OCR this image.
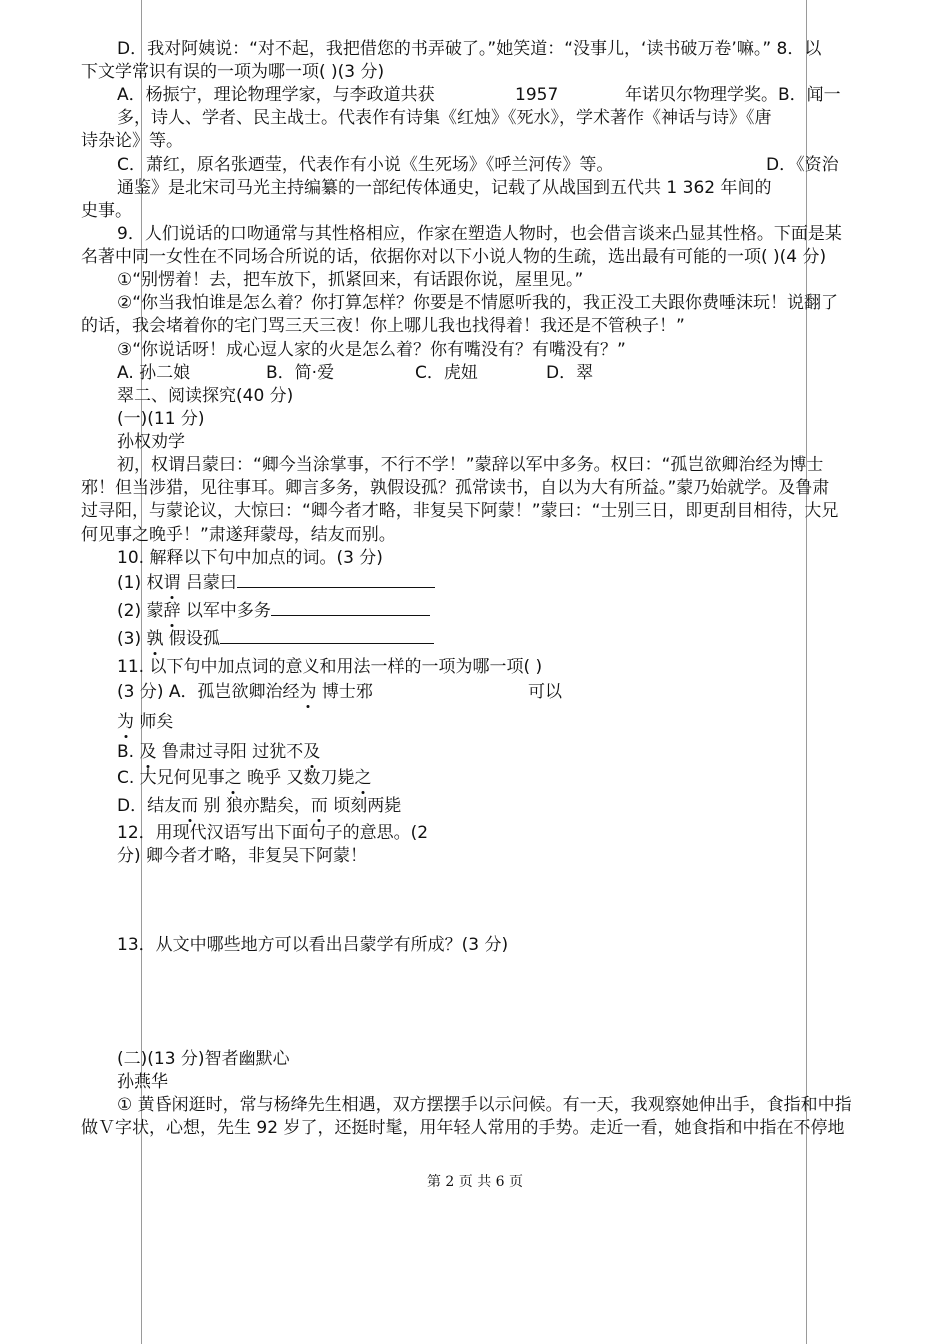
D．我对阿姨说：“对不起，我把借您的书弄破了。”她笑道：“没事儿，‘读书破万卷’嘛。” 8．以
下文学常识有误的一项为哪一项( )(3 分)
A．杨振宁，理论物理学家，与李政道共获	1957	年诺贝尔物理学奖。B．闻一
多，诗人、学者、民主战士。代表作有诗集《红烛》《死水》，学术著作《神话与诗》《唐
诗杂论》等。
C．萧红，原名张迺莹，代表作有小说《生死场》《呼兰河传》等。	D．《资治
通鉴》是北宋司马光主持编纂的一部纪传体通史，记载了从战国到五代共 1 362 年间的
史事。
9．人们说话的口吻通常与其性格相应，作家在塑造人物时，也会借言谈来凸显其性格。下面是某
名著中同一女性在不同场合所说的话，依据你对以下小说人物的生疏，选出最有可能的一项( )(4 分)
①“别愣着！去，把车放下，抓紧回来，有话跟你说，屋里见。”
②“你当我怕谁是怎么着？你打算怎样？你要是不情愿听我的，我正没工夫跟你费唾沫玩！说翻了
的话，我会堵着你的宅门骂三天三夜！你上哪儿我也找得着！我还是不管秧子！”
③“你说话呀！成心逗人家的火是怎么着？你有嘴没有？有嘴没有？”
A. 孙二娘	B．简·爱	C．虎妞	D．翠
翠二、阅读探究(40 分)
(一)(11 分)
孙权劝学
初，权谓吕蒙曰：“卿今当涂掌事，不行不学！”蒙辞以军中多务。权曰：“孤岂欲卿治经为博士
邪！但当涉猎，见往事耳。卿言多务，孰假设孤？孤常读书，自以为大有所益。”蒙乃始就学。及鲁肃
过寻阳，与蒙论议，大惊曰：“卿今者才略，非复吴下阿蒙！”蒙曰：“士别三日，即更刮目相待，大兄
何见事之晚乎！”肃遂拜蒙母，结友而别。
10. 解释以下句中加点的词。(3 分)
(1) 权谓 吕蒙曰
(2) 蒙辞 以军中多务
(3) 孰 假设孤
11. 以下句中加点词的意义和用法一样的一项为哪一项( )
(3 分) A．孤岂欲卿治经为 博士邪	可以
为 师矣
B. 及 鲁肃过寻阳 过犹不及
C. 大兄何见事之 晚乎 又数刀毙之
D．结友而 别 狼亦黠矣，而 顷刻两毙
12．用现代汉语写出下面句子的意思。(2
分) 卿今者才略，非复吴下阿蒙！
13．从文中哪些地方可以看出吕蒙学有所成？(3 分)
(二)(13 分)智者幽默心
孙燕华
① 黄昏闲逛时，常与杨绛先生相遇，双方摆摆手以示问候。有一天，我观察她伸出手，食指和中指
做Ｖ字状，心想，先生 92 岁了，还挺时髦，用年轻人常用的手势。走近一看，她食指和中指在不停地
第 2 页 共 6 页
